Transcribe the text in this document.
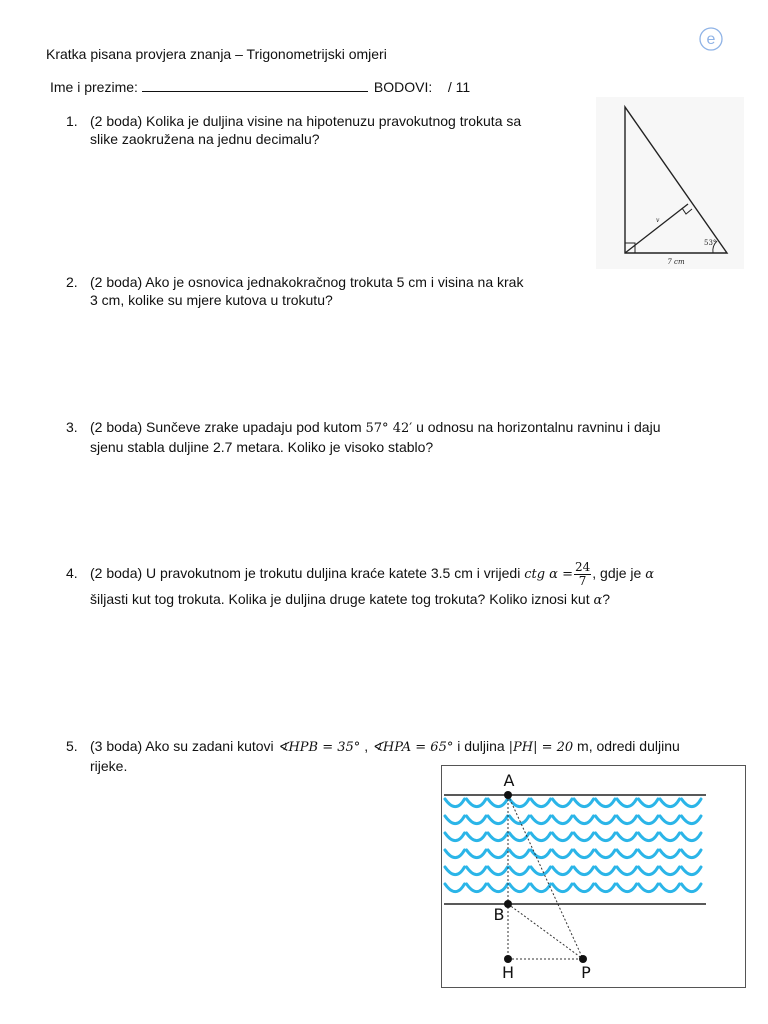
e
Kratka pisana provjera znanja – Trigonometrijski omjeri
Ime i prezime:	BODOVI: / 11
1. (2 boda) Kolika je duljina visine na hipotenuzu pravokutnog trokuta sa
slike zaokružena na jednu decimalu?
53°
v
7 cm
2. (2 boda) Ako je osnovica jednakokračnog trokuta 5 cm i visina na krak
3 cm, kolike su mjere kutova u trokutu?
3. (2 boda) Sunčeve zrake upadaju pod kutom 57° 42′ u odnosu na horizontalnu ravninu i daju
sjenu stabla duljine 2.7 metara. Koliko je visoko stablo?
4. (2 boda) U pravokutnom je trokutu duljina kraće katete 3.5 cm i vrijedi ctg $\alpha = \frac{24}{7}$ , gdje je α
šiljasti kut tog trokuta. Kolika je duljina druge katete tog trokuta? Koliko iznosi kut α?
5. (3 boda) Ako su zadani kutovi ∢HPB = 35° , ∢HPA = 65° i duljina |PH| = 20 m, odredi duljinu
rijeke.
A
B
H	P
